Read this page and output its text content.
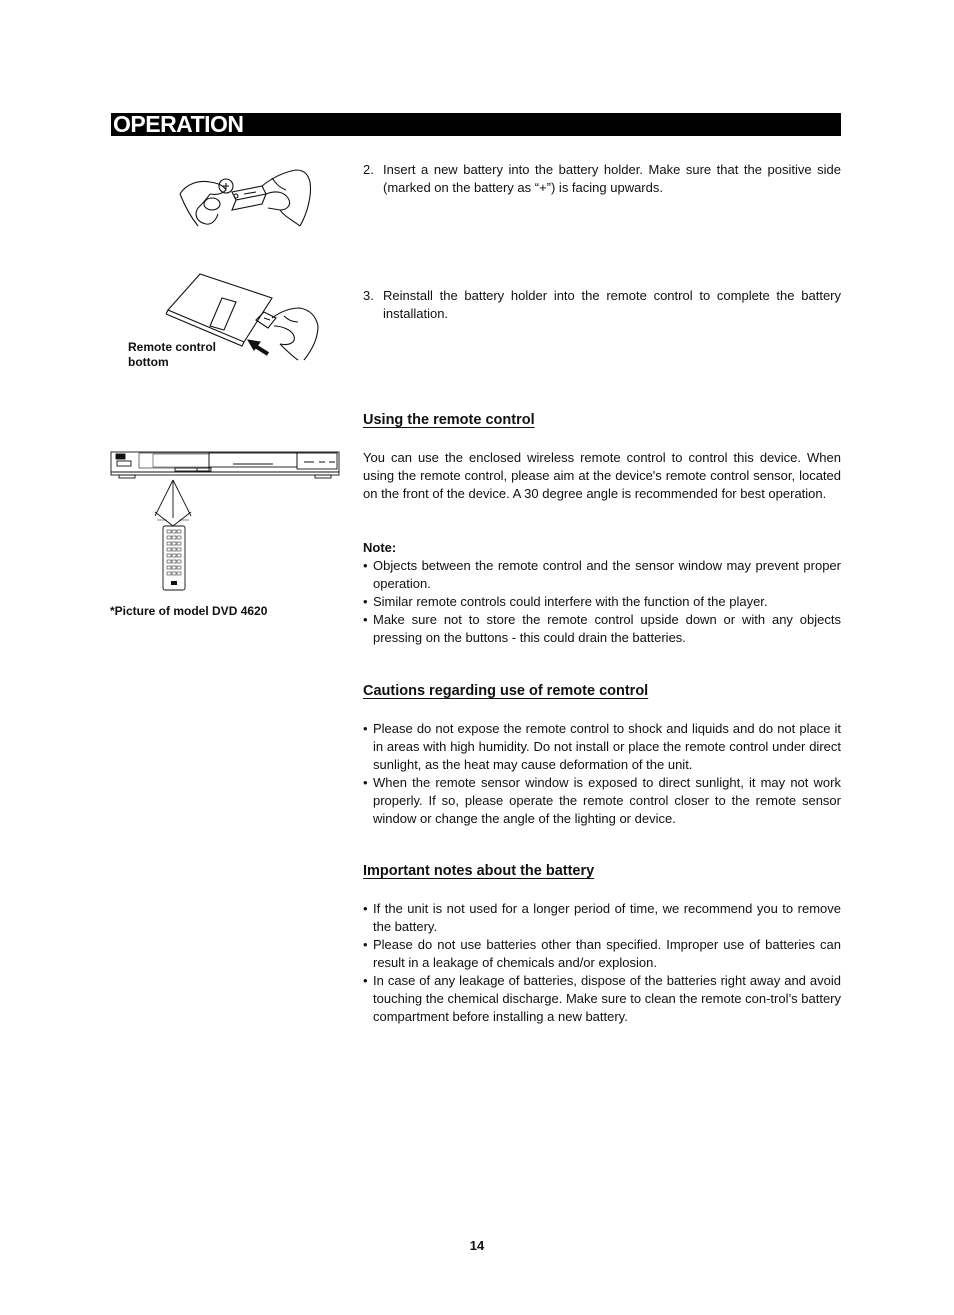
OPERATION
Remote control
bottom
*Picture of model DVD 4620
2. Insert a new battery into the battery holder. Make sure that the positive side (marked on the battery as “+”) is facing upwards.
3. Reinstall the battery holder into the remote control to complete the battery installation.
Using the remote control
You can use the enclosed wireless remote control to control this device. When using the remote control, please aim at the device's remote control sensor, located on the front of the device. A 30 degree angle is recommended for best operation.
Note:
• Objects between the remote control and the sensor window may prevent proper operation.
• Similar remote controls could interfere with the function of the player.
• Make sure not to store the remote control upside down or with any objects pressing on the buttons - this could drain the batteries.
Cautions regarding use of remote control
• Please do not expose the remote control to shock and liquids and do not place it in areas with high humidity. Do not install or place the remote control under direct sunlight, as the heat may cause deformation of the unit.
• When the remote sensor window is exposed to direct sunlight, it may not work properly. If so, please operate the remote control closer to the remote sensor window or change the angle of the lighting or device.
Important notes about the battery
• If the unit is not used for a longer period of time, we recommend you to remove the battery.
• Please do not use batteries other than specified. Improper use of batteries can result in a leakage of chemicals and/or explosion.
• In case of any leakage of batteries, dispose of the batteries right away and avoid touching the chemical discharge. Make sure to clean the remote con-trol’s battery compartment before installing a new battery.
14
